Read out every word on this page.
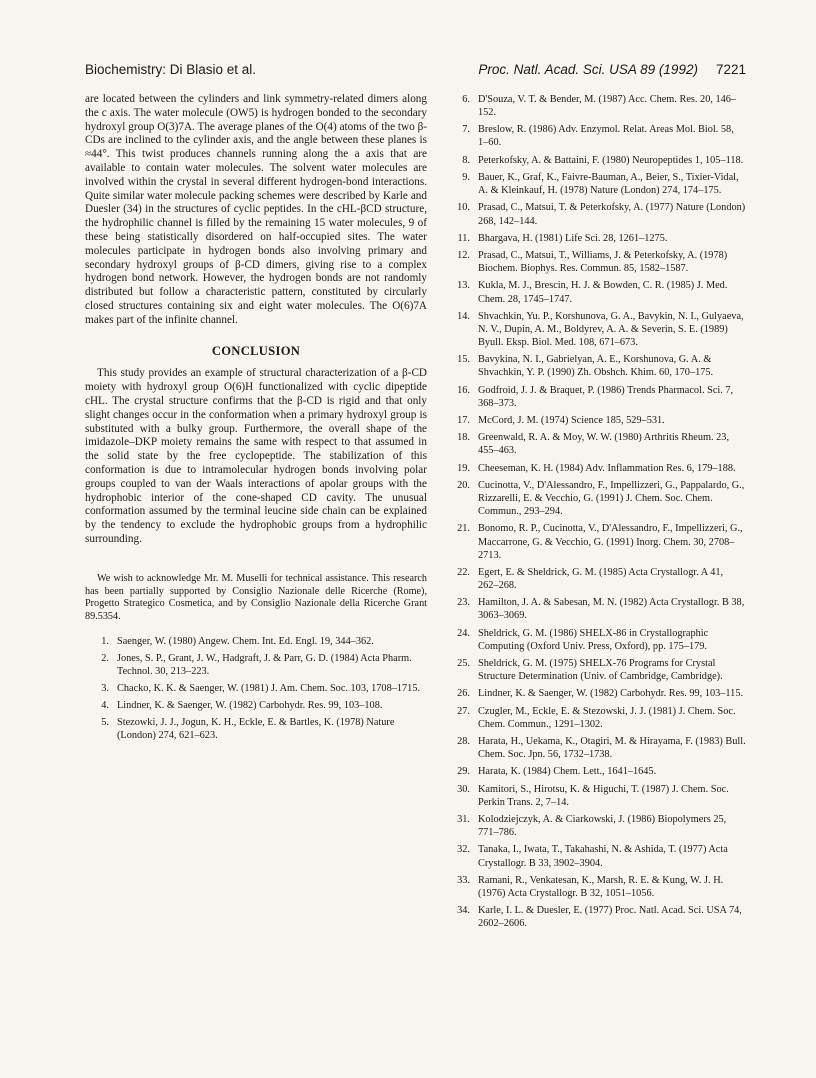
Biochemistry: Di Blasio et al.	Proc. Natl. Acad. Sci. USA 89 (1992) 7221

are located between the cylinders and link symmetry-related dimers along the c axis. The water molecule (OW5) is hydrogen bonded to the secondary hydroxyl group O(3)7A. The average planes of the O(4) atoms of the two β-CDs are inclined to the cylinder axis, and the angle between these planes is ≈44°. This twist produces channels running along the a axis that are available to contain water molecules. The solvent water molecules are involved within the crystal in several different hydrogen-bond interactions. Quite similar water molecule packing schemes were described by Karle and Duesler (34) in the structures of cyclic peptides. In the cHL-βCD structure, the hydrophilic channel is filled by the remaining 15 water molecules, 9 of these being statistically disordered on half-occupied sites. The water molecules participate in hydrogen bonds also involving primary and secondary hydroxyl groups of β-CD dimers, giving rise to a complex hydrogen bond network. However, the hydrogen bonds are not randomly distributed but follow a characteristic pattern, constituted by circularly closed structures containing six and eight water molecules. The O(6)7A makes part of the infinite channel.

CONCLUSION

This study provides an example of structural characterization of a β-CD moiety with hydroxyl group O(6)H functionalized with cyclic dipeptide cHL. The crystal structure confirms that the β-CD is rigid and that only slight changes occur in the conformation when a primary hydroxyl group is substituted with a bulky group. Furthermore, the overall shape of the imidazole–DKP moiety remains the same with respect to that assumed in the solid state by the free cyclopeptide. The stabilization of this conformation is due to intramolecular hydrogen bonds involving polar groups coupled to van der Waals interactions of apolar groups with the hydrophobic interior of the cone-shaped CD cavity. The unusual conformation assumed by the terminal leucine side chain can be explained by the tendency to exclude the hydrophobic groups from a hydrophilic surrounding.

We wish to acknowledge Mr. M. Muselli for technical assistance. This research has been partially supported by Consiglio Nazionale delle Ricerche (Rome), Progetto Strategico Cosmetica, and by Consiglio Nazionale della Ricerche Grant 89.5354.

1. Saenger, W. (1980) Angew. Chem. Int. Ed. Engl. 19, 344–362.
2. Jones, S. P., Grant, J. W., Hadgraft, J. & Parr, G. D. (1984) Acta Pharm. Technol. 30, 213–223.
3. Chacko, K. K. & Saenger, W. (1981) J. Am. Chem. Soc. 103, 1708–1715.
4. Lindner, K. & Saenger, W. (1982) Carbohydr. Res. 99, 103–108.
5. Stezowki, J. J., Jogun, K. H., Eckle, E. & Bartles, K. (1978) Nature (London) 274, 621–623.
6. D'Souza, V. T. & Bender, M. (1987) Acc. Chem. Res. 20, 146–152.
7. Breslow, R. (1986) Adv. Enzymol. Relat. Areas Mol. Biol. 58, 1–60.
8. Peterkofsky, A. & Battaini, F. (1980) Neuropeptides 1, 105–118.
9. Bauer, K., Graf, K., Faivre-Bauman, A., Beier, S., Tixier-Vidal, A. & Kleinkauf, H. (1978) Nature (London) 274, 174–175.
10. Prasad, C., Matsui, T. & Peterkofsky, A. (1977) Nature (London) 268, 142–144.
11. Bhargava, H. (1981) Life Sci. 28, 1261–1275.
12. Prasad, C., Matsui, T., Williams, J. & Peterkofsky, A. (1978) Biochem. Biophys. Res. Commun. 85, 1582–1587.
13. Kukla, M. J., Brescin, H. J. & Bowden, C. R. (1985) J. Med. Chem. 28, 1745–1747.
14. Shvachkin, Yu. P., Korshunova, G. A., Bavykin, N. I., Gulyaeva, N. V., Dupin, A. M., Boldyrev, A. A. & Severin, S. E. (1989) Byull. Eksp. Biol. Med. 108, 671–673.
15. Bavykina, N. I., Gabrielyan, A. E., Korshunova, G. A. & Shvachkin, Y. P. (1990) Zh. Obshch. Khim. 60, 170–175.
16. Godfroid, J. J. & Braquet, P. (1986) Trends Pharmacol. Sci. 7, 368–373.
17. McCord, J. M. (1974) Science 185, 529–531.
18. Greenwald, R. A. & Moy, W. W. (1980) Arthritis Rheum. 23, 455–463.
19. Cheeseman, K. H. (1984) Adv. Inflammation Res. 6, 179–188.
20. Cucinotta, V., D'Alessandro, F., Impellizzeri, G., Pappalardo, G., Rizzarelli, E. & Vecchio, G. (1991) J. Chem. Soc. Chem. Commun., 293–294.
21. Bonomo, R. P., Cucinotta, V., D'Alessandro, F., Impellizzeri, G., Maccarrone, G. & Vecchio, G. (1991) Inorg. Chem. 30, 2708–2713.
22. Egert, E. & Sheldrick, G. M. (1985) Acta Crystallogr. A 41, 262–268.
23. Hamilton, J. A. & Sabesan, M. N. (1982) Acta Crystallogr. B 38, 3063–3069.
24. Sheldrick, G. M. (1986) SHELX-86 in Crystallographic Computing (Oxford Univ. Press, Oxford), pp. 175–179.
25. Sheldrick, G. M. (1975) SHELX-76 Programs for Crystal Structure Determination (Univ. of Cambridge, Cambridge).
26. Lindner, K. & Saenger, W. (1982) Carbohydr. Res. 99, 103–115.
27. Czugler, M., Eckle, E. & Stezowski, J. J. (1981) J. Chem. Soc. Chem. Commun., 1291–1302.
28. Harata, H., Uekama, K., Otagiri, M. & Hirayama, F. (1983) Bull. Chem. Soc. Jpn. 56, 1732–1738.
29. Harata, K. (1984) Chem. Lett., 1641–1645.
30. Kamitori, S., Hirotsu, K. & Higuchi, T. (1987) J. Chem. Soc. Perkin Trans. 2, 7–14.
31. Kolodziejczyk, A. & Ciarkowski, J. (1986) Biopolymers 25, 771–786.
32. Tanaka, I., Iwata, T., Takahashi, N. & Ashida, T. (1977) Acta Crystallogr. B 33, 3902–3904.
33. Ramani, R., Venkatesan, K., Marsh, R. E. & Kung, W. J. H. (1976) Acta Crystallogr. B 32, 1051–1056.
34. Karle, I. L. & Duesler, E. (1977) Proc. Natl. Acad. Sci. USA 74, 2602–2606.
